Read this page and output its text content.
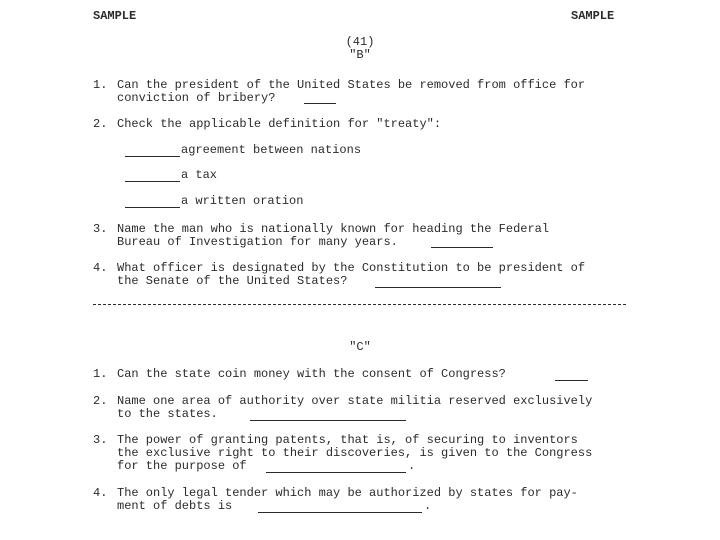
SAMPLE	SAMPLE
(41)
"B"
1. Can the president of the United States be removed from office for
conviction of bribery?
2. Check the applicable definition for "treaty":
agreement between nations
a tax
a written oration
3. Name the man who is nationally known for heading the Federal
Bureau of Investigation for many years.
4. What officer is designated by the Constitution to be president of
the Senate of the United States?
"C"
1. Can the state coin money with the consent of Congress?
2. Name one area of authority over state militia reserved exclusively
to the states.
3. The power of granting patents, that is, of securing to inventors
the exclusive right to their discoveries, is given to the Congress
for the purpose of	.
4. The only legal tender which may be authorized by states for pay-
ment of debts is	.
